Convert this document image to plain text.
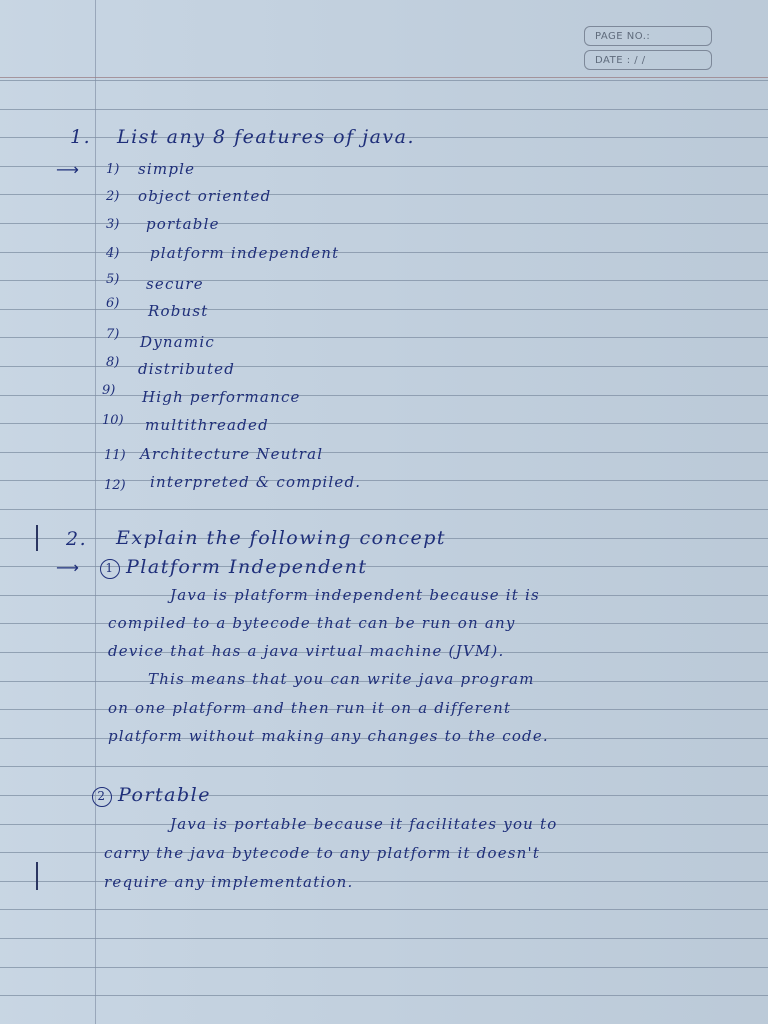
PAGE NO.:
DATE : / /
1. List any 8 features of java.
⟶ 1) simple
2) object oriented
3) portable
4) platform independent
5) secure
6) Robust
7) Dynamic
8) distributed
9) High performance
10) multithreaded
11) Architecture Neutral
12) interpreted & compiled.
2. Explain the following concept
⟶	1 Platform Independent
Java is platform independent because it is
compiled to a bytecode that can be run on any
device that has a java virtual machine (JVM).
This means that you can write java program
on one platform and then run it on a different
platform without making any changes to the code.
2 Portable
Java is portable because it facilitates you to
carry the java bytecode to any platform it doesn't
require any implementation.
